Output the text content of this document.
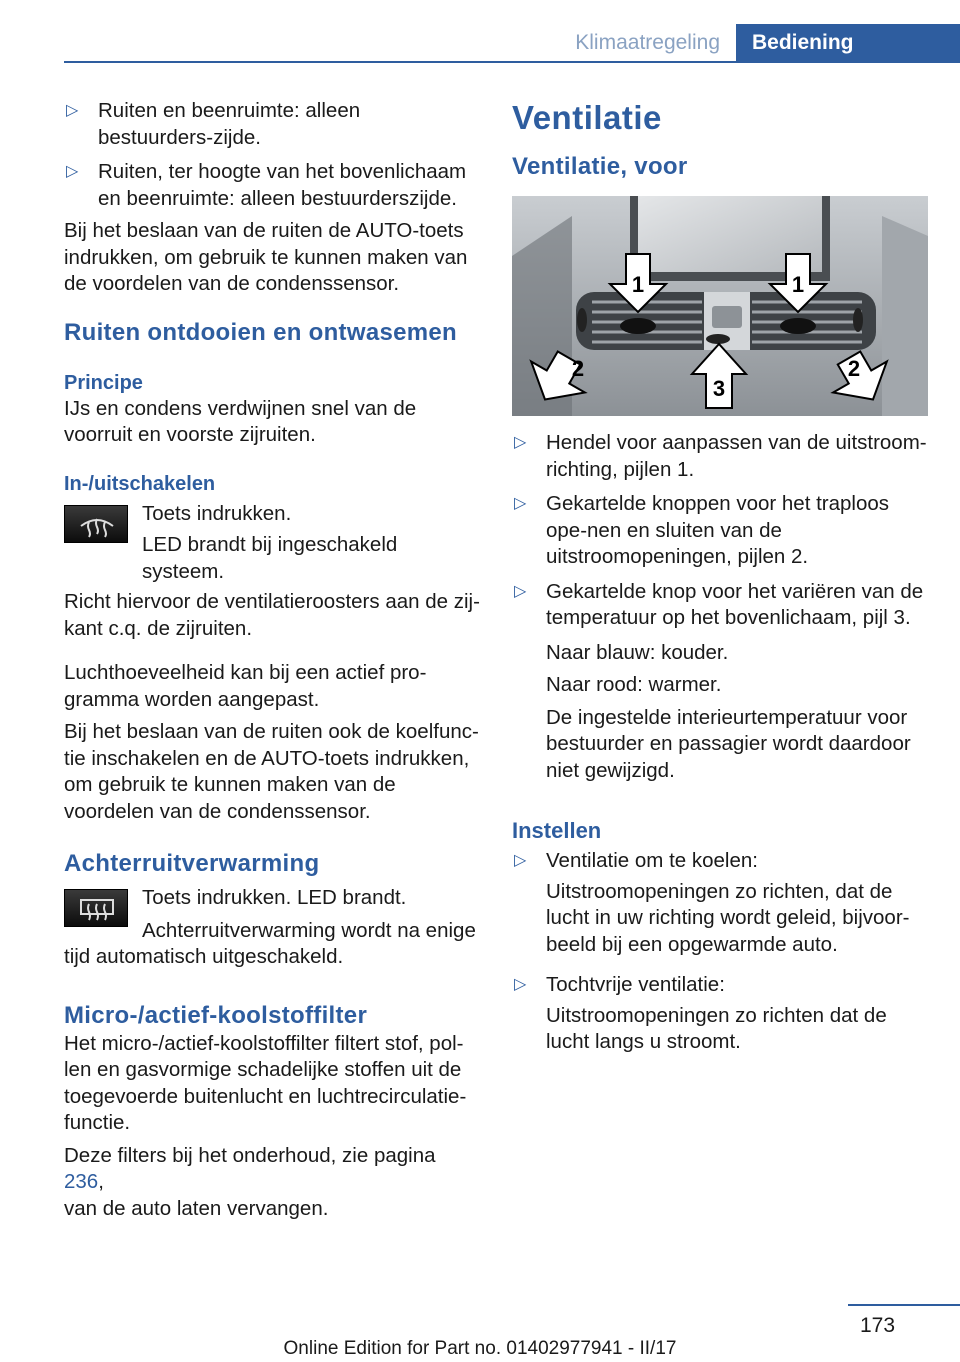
Klimaatregeling	Bediening
▷ Ruiten en beenruimte: alleen bestuurders‐zijde.
▷ Ruiten, ter hoogte van het bovenlichaam en beenruimte: alleen bestuurderszijde.

Bij het beslaan van de ruiten de AUTO-toets indrukken, om gebruik te kunnen maken van de voordelen van de condenssensor.

Ruiten ontdooien en ontwasemen
Principe

IJs en condens verdwijnen snel van de voorruit en voorste zijruiten.

In-/uitschakelen

Toets indrukken.

LED brandt bij ingeschakeld systeem.

Richt hiervoor de ventilatieroosters aan de zij‐kant c.q. de zijruiten.

Luchthoeveelheid kan bij een actief pro‐gramma worden aangepast.

Bij het beslaan van de ruiten ook de koelfunc‐tie inschakelen en de AUTO-toets indrukken, om gebruik te kunnen maken van de voordelen van de condenssensor.

Achterruitverwarming

Toets indrukken. LED brandt.

Achterruitverwarming wordt na enige tijd automatisch uitgeschakeld.

Micro-/actief-koolstoffilter

Het micro-/actief-koolstoffilter filtert stof, pol‐len en gasvormige schadelijke stoffen uit de toegevoerde buitenlucht en luchtrecirculatie‐functie.

Deze filters bij het onderhoud, zie pagina 236,
van de auto laten vervangen.

Ventilatie
Ventilatie, voor
1	1
2
3
2
▷ Hendel voor aanpassen van de uitstroom‐richting, pijlen 1.
▷ Gekartelde knoppen voor het traploos ope‐nen en sluiten van de uitstroomopeningen, pijlen 2.
▷ Gekartelde knop voor het variëren van de temperatuur op het bovenlichaam, pijl 3.

Naar blauw: kouder.

Naar rood: warmer.

De ingestelde interieurtemperatuur voor bestuurder en passagier wordt daardoor niet gewijzigd.

Instellen
▷ Ventilatie om te koelen:

Uitstroomopeningen zo richten, dat de lucht in uw richting wordt geleid, bijvoor‐beeld bij een opgewarmde auto.

▷ Tochtvrije ventilatie:

Uitstroomopeningen zo richten dat de lucht langs u stroomt.

173
Online Edition for Part no. 01402977941 - II/17
